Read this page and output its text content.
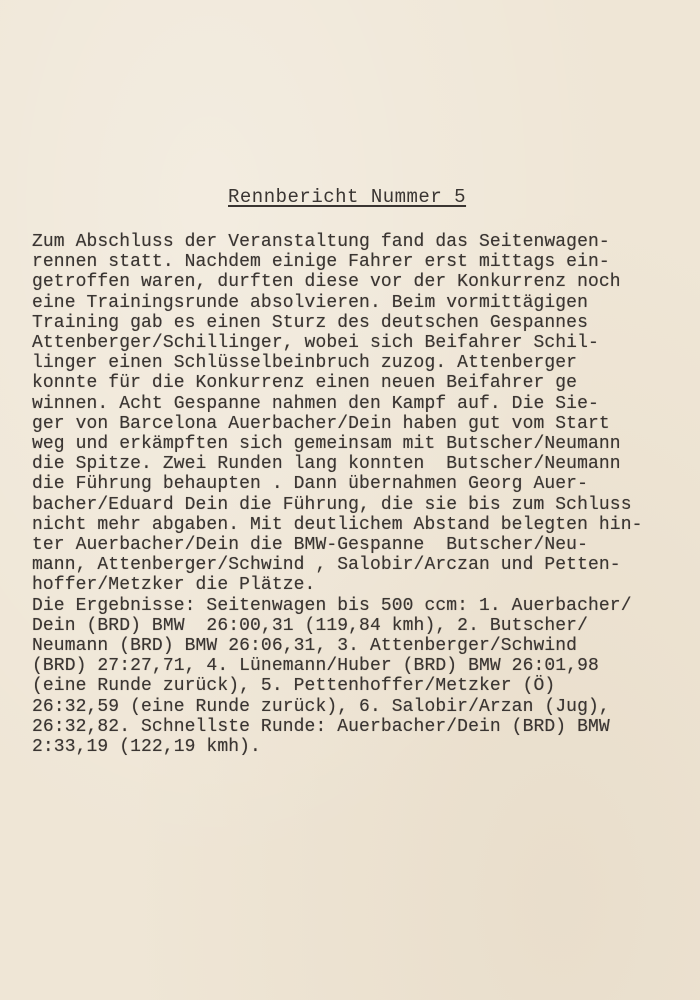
Rennbericht Nummer 5
Zum Abschluss der Veranstaltung fand das Seitenwagen-
rennen statt. Nachdem einige Fahrer erst mittags ein-
getroffen waren, durften diese vor der Konkurrenz noch
eine Trainingsrunde absolvieren. Beim vormittägigen
Training gab es einen Sturz des deutschen Gespannes
Attenberger/Schillinger, wobei sich Beifahrer Schil-
linger einen Schlüsselbeinbruch zuzog. Attenberger
konnte für die Konkurrenz einen neuen Beifahrer ge
winnen. Acht Gespanne nahmen den Kampf auf. Die Sie-
ger von Barcelona Auerbacher/Dein haben gut vom Start
weg und erkämpften sich gemeinsam mit Butscher/Neumann
die Spitze. Zwei Runden lang konnten  Butscher/Neumann
die Führung behaupten . Dann übernahmen Georg Auer-
bacher/Eduard Dein die Führung, die sie bis zum Schluss
nicht mehr abgaben. Mit deutlichem Abstand belegten hin-
ter Auerbacher/Dein die BMW-Gespanne  Butscher/Neu-
mann, Attenberger/Schwind , Salobir/Arczan und Petten-
hoffer/Metzker die Plätze.
Die Ergebnisse: Seitenwagen bis 500 ccm: 1. Auerbacher/
Dein (BRD) BMW  26:00,31 (119,84 kmh), 2. Butscher/
Neumann (BRD) BMW 26:06,31, 3. Attenberger/Schwind
(BRD) 27:27,71, 4. Lünemann/Huber (BRD) BMW 26:01,98
(eine Runde zurück), 5. Pettenhoffer/Metzker (Ö)
26:32,59 (eine Runde zurück), 6. Salobir/Arzan (Jug),
26:32,82. Schnellste Runde: Auerbacher/Dein (BRD) BMW
2:33,19 (122,19 kmh).
